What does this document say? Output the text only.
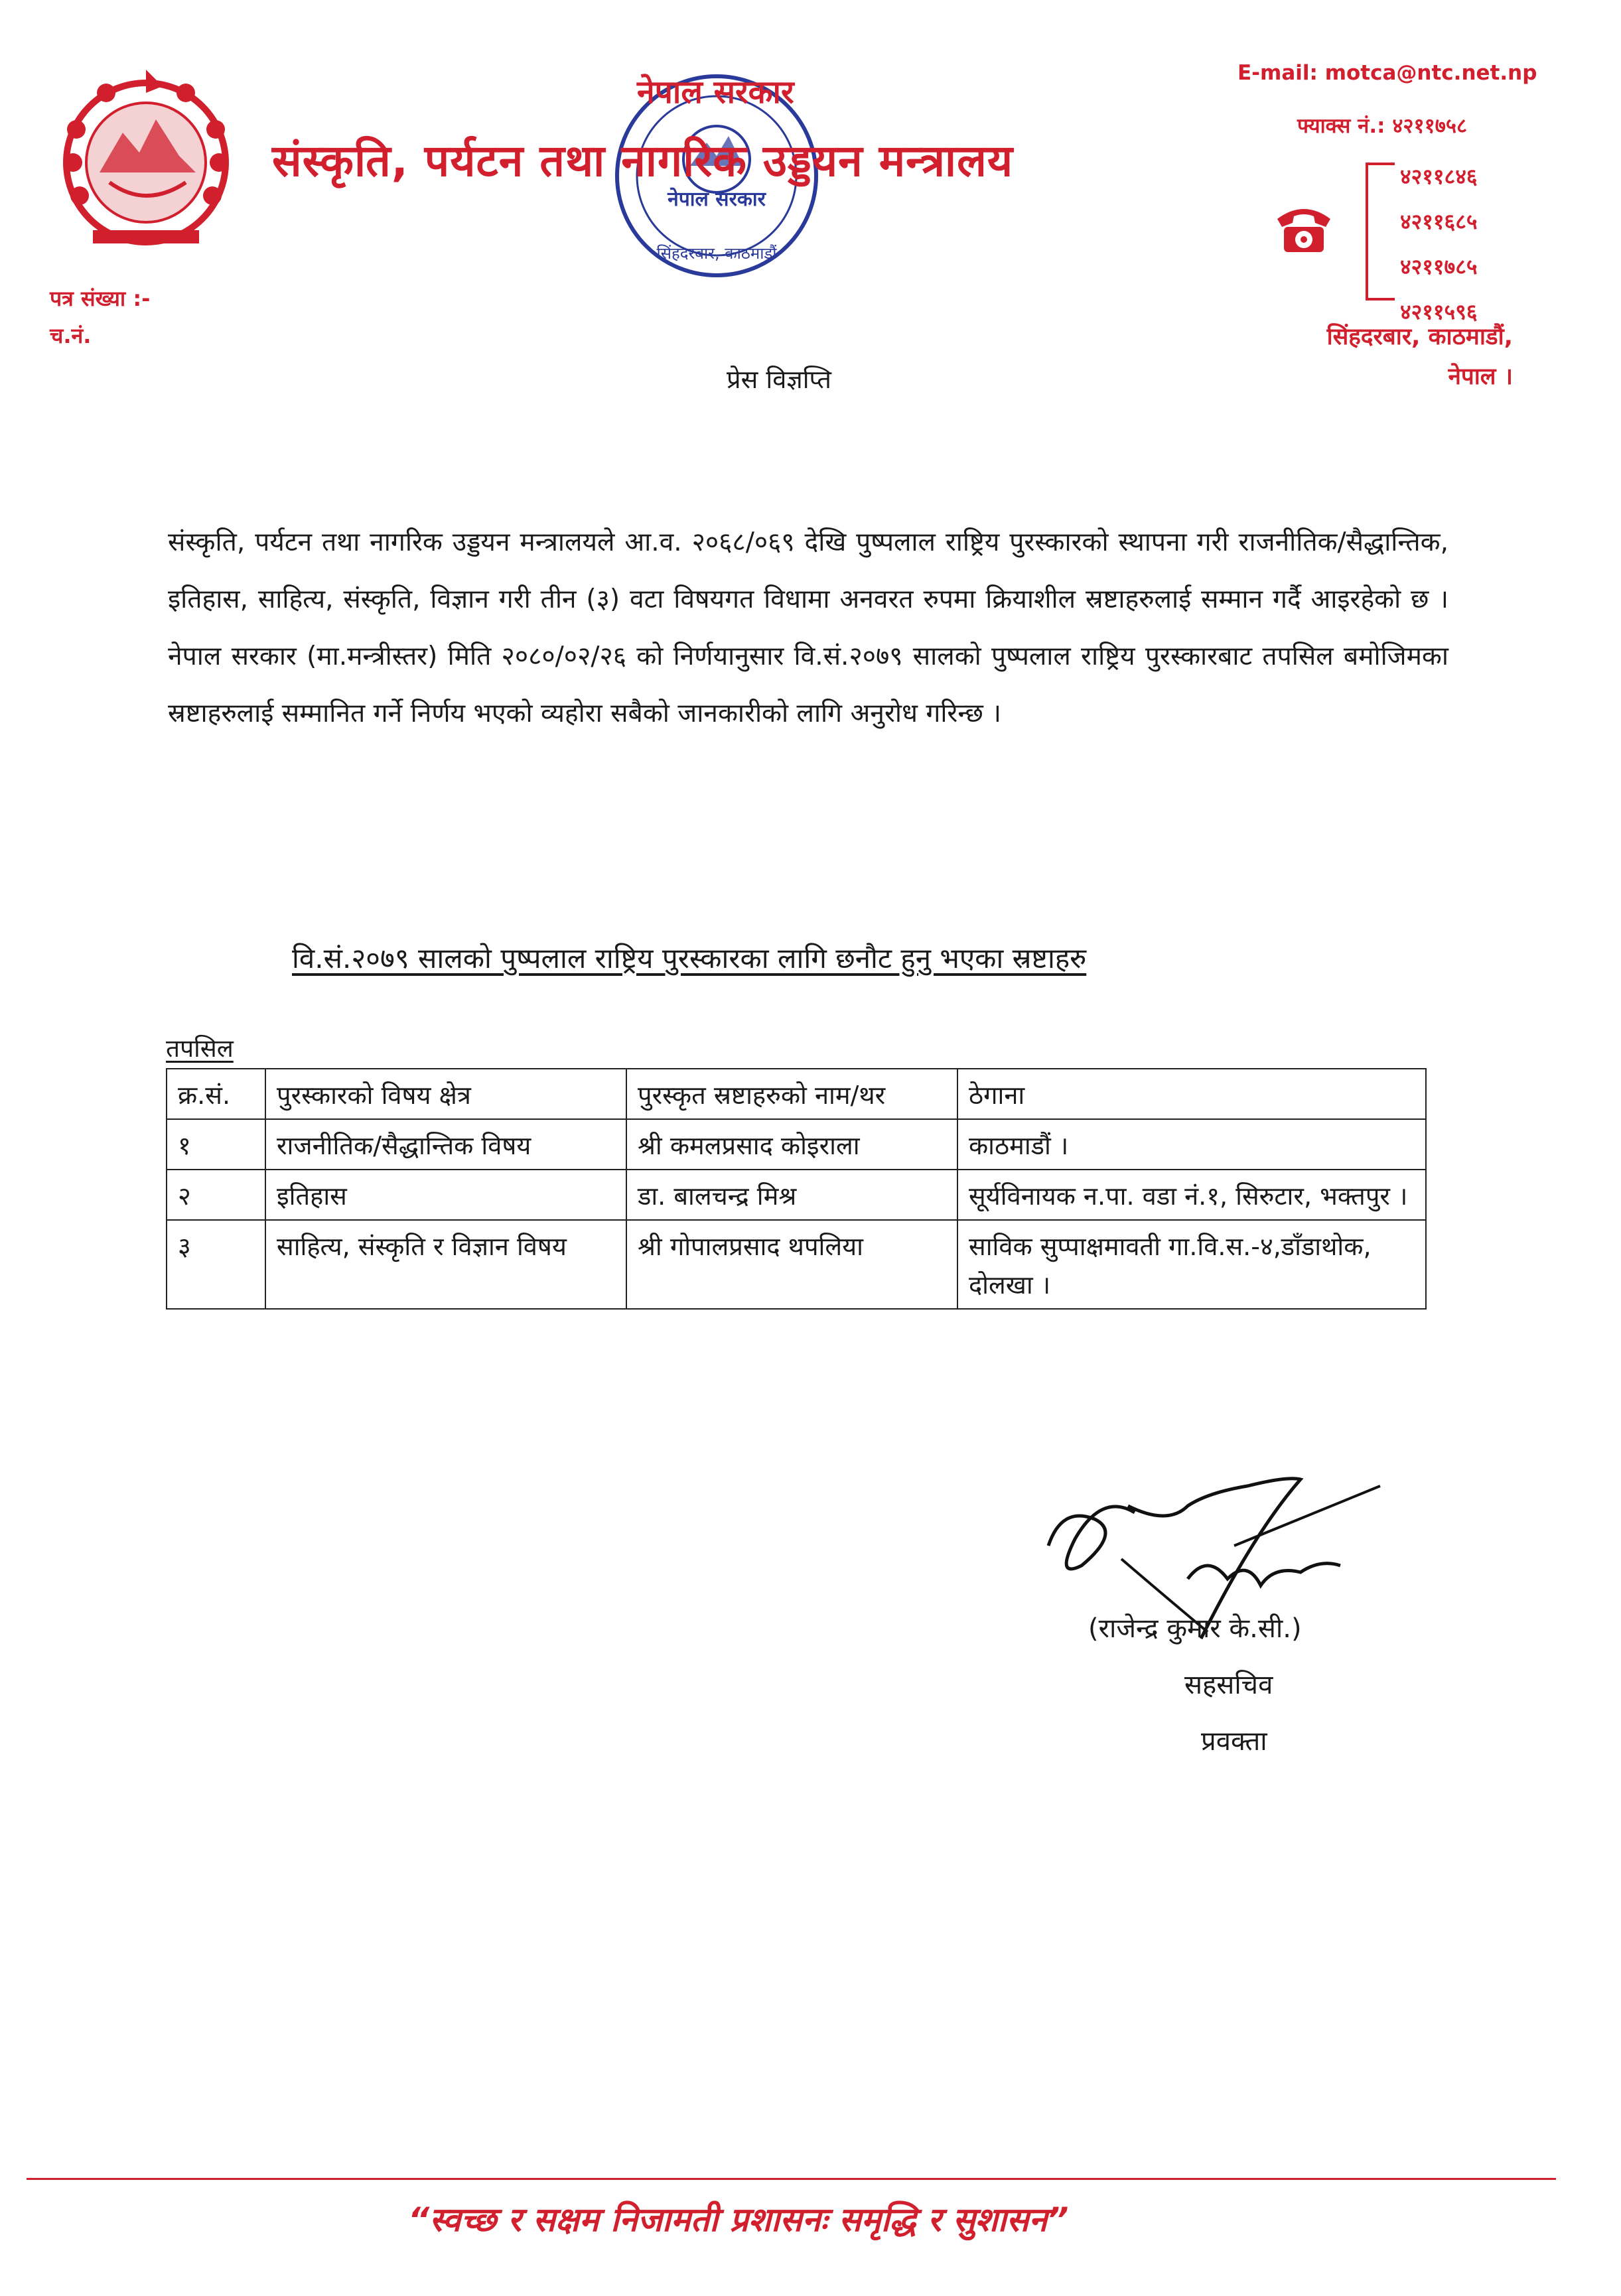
नेपाल सरकार
सिंहदरबार, काठमाडौं
नेपाल सरकार
संस्कृति, पर्यटन तथा नागरिक उड्डयन मन्त्रालय
E-mail: motca@ntc.net.np
फ्याक्स नं.: ४२११७५८
४२११८४६
४२११६८५
४२११७८५
४२११५९६
सिंहदरबार, काठमाडौं,
नेपाल ।
पत्र संख्या :-
च.नं.
प्रेस विज्ञप्ति
संस्कृति, पर्यटन तथा नागरिक उड्डयन मन्त्रालयले आ.व. २०६८/०६९ देखि पुष्पलाल राष्ट्रिय पुरस्कारको स्थापना गरी राजनीतिक/सैद्धान्तिक, इतिहास, साहित्य, संस्कृति, विज्ञान गरी तीन (३) वटा विषयगत विधामा अनवरत रुपमा क्रियाशील स्रष्टाहरुलाई सम्मान गर्दै आइरहेको छ । नेपाल सरकार (मा.मन्त्रीस्तर) मिति २०८०/०२/२६ को निर्णयानुसार वि.सं.२०७९ सालको पुष्पलाल राष्ट्रिय पुरस्कारबाट तपसिल बमोजिमका स्रष्टाहरुलाई सम्मानित गर्ने निर्णय भएको व्यहोरा सबैको जानकारीको लागि अनुरोध गरिन्छ ।
वि.सं.२०७९ सालको पुष्पलाल राष्ट्रिय पुरस्कारका लागि छनौट हुनु भएका स्रष्टाहरु
तपसिल
क्र.सं.	पुरस्कारको विषय क्षेत्र	पुरस्कृत स्रष्टाहरुको नाम/थर	ठेगाना
१	राजनीतिक/सैद्धान्तिक विषय	श्री कमलप्रसाद कोइराला	काठमाडौं ।
२	इतिहास	डा. बालचन्द्र मिश्र	सूर्यविनायक न.पा. वडा नं.१, सिरुटार, भक्तपुर ।
३	साहित्य, संस्कृति र विज्ञान विषय	श्री गोपालप्रसाद थपलिया	साविक सुप्पाक्षमावती गा.वि.स.-४,डाँडाथोक, दोलखा ।
(राजेन्द्र कुमार के.सी.)
सहसचिव
प्रवक्ता
“स्वच्छ र सक्षम निजामती प्रशासनः समृद्धि र सुशासन”
